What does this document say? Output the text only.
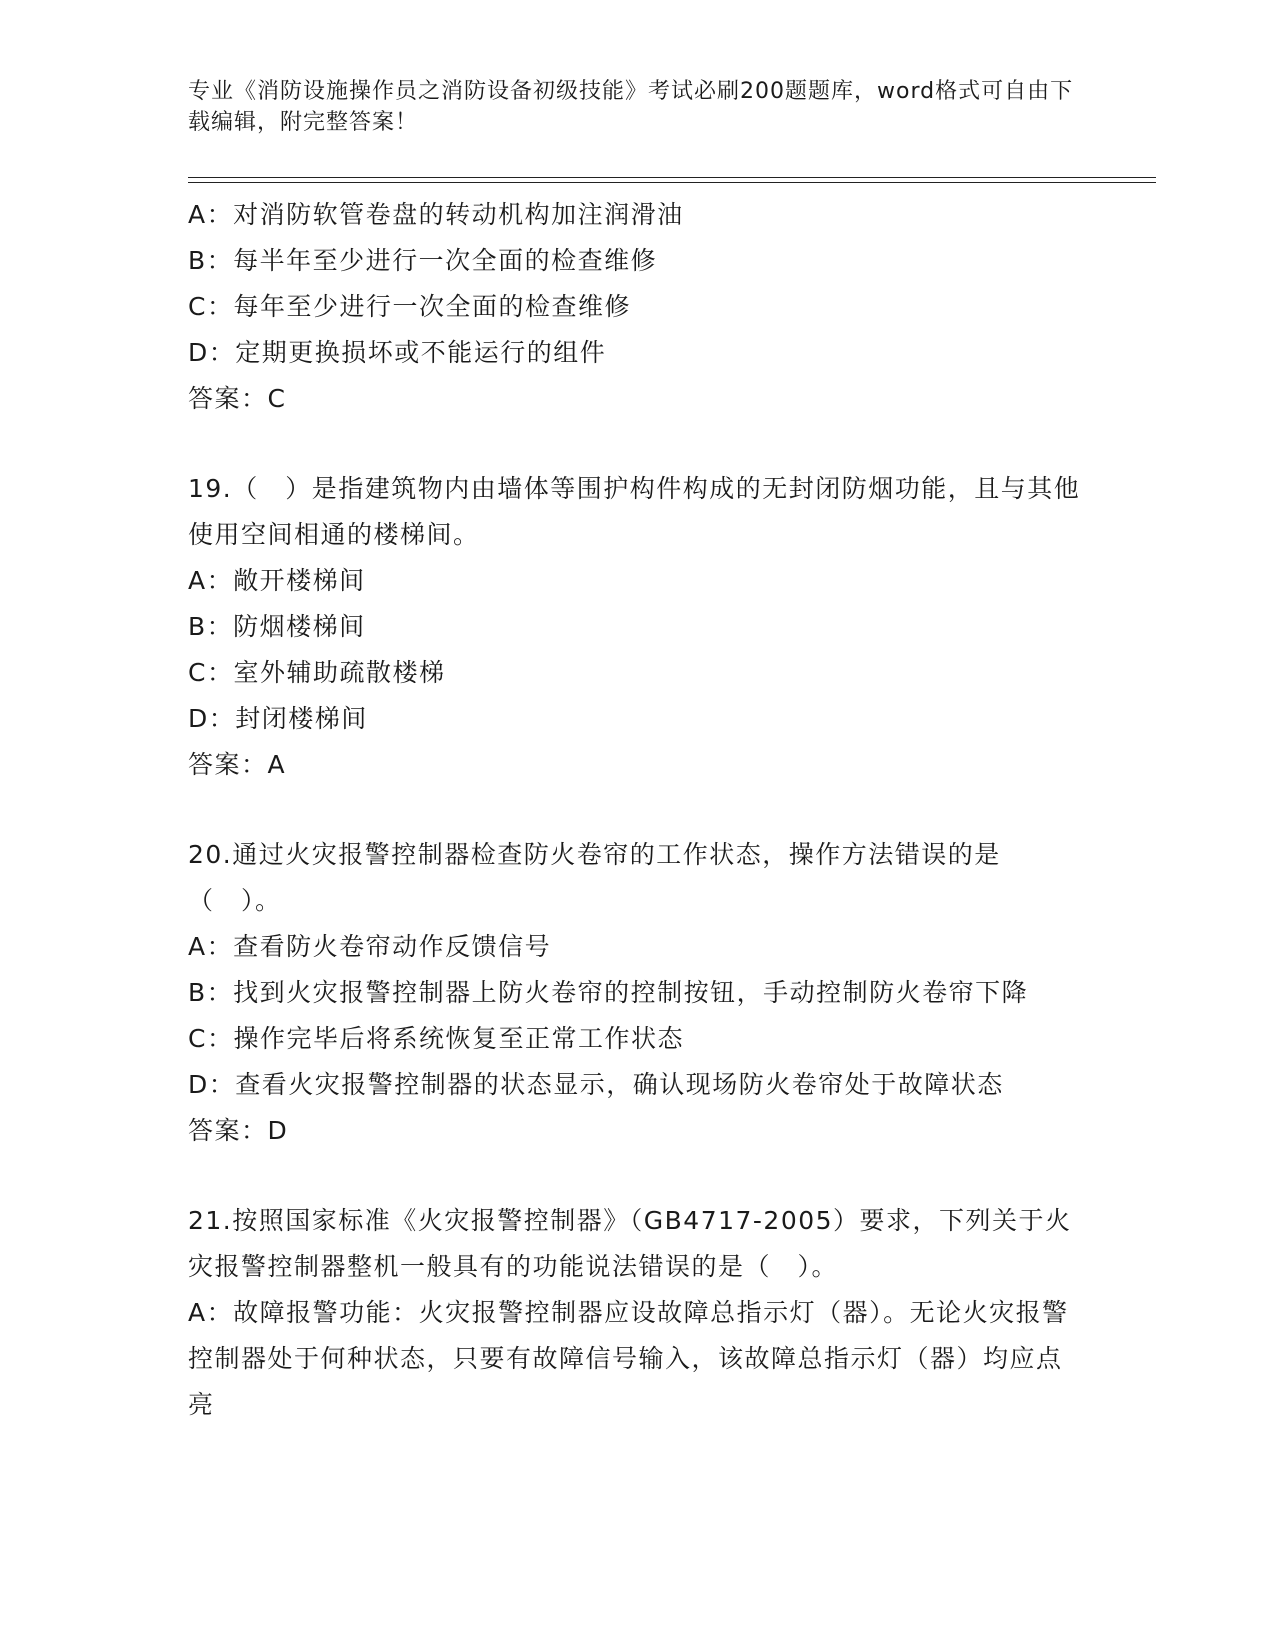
专业《消防设施操作员之消防设备初级技能》考试必刷200题题库，word格式可自由下载编辑，附完整答案！
A：对消防软管卷盘的转动机构加注润滑油
B：每半年至少进行一次全面的检查维修
C：每年至少进行一次全面的检查维修
D：定期更换损坏或不能运行的组件
答案：C
19.（　）是指建筑物内由墙体等围护构件构成的无封闭防烟功能，且与其他使用空间相通的楼梯间。
A：敞开楼梯间
B：防烟楼梯间
C：室外辅助疏散楼梯
D：封闭楼梯间
答案：A
20.通过火灾报警控制器检查防火卷帘的工作状态，操作方法错误的是（　）。
A：查看防火卷帘动作反馈信号
B：找到火灾报警控制器上防火卷帘的控制按钮，手动控制防火卷帘下降
C：操作完毕后将系统恢复至正常工作状态
D：查看火灾报警控制器的状态显示，确认现场防火卷帘处于故障状态
答案：D
21.按照国家标准《火灾报警控制器》（GB4717-2005）要求，下列关于火灾报警控制器整机一般具有的功能说法错误的是（　）。
A：故障报警功能：火灾报警控制器应设故障总指示灯（器）。无论火灾报警控制器处于何种状态，只要有故障信号输入，该故障总指示灯（器）均应点亮
